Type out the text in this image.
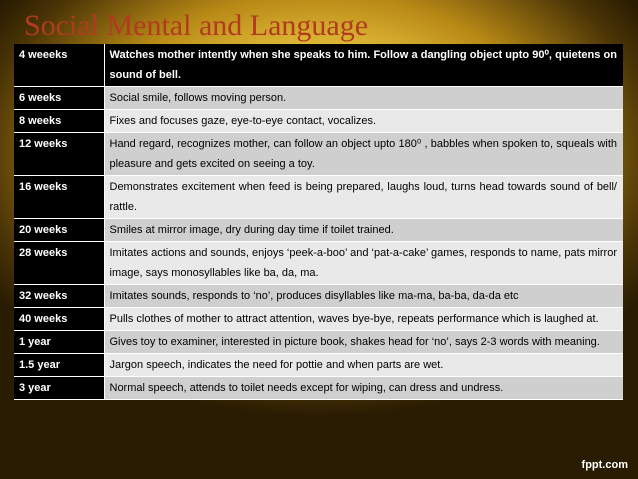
Social Mental and Language
4 weeeks	Watches mother intently when she speaks to him. Follow a dangling object upto 90⁰, quietens on sound of bell.
6 weeks	Social smile, follows moving person.
8 weeks	Fixes and focuses gaze, eye-to-eye contact, vocalizes.
12 weeks	Hand regard, recognizes mother, can follow an object upto 180⁰ , babbles when spoken to, squeals with pleasure and gets excited on seeing a toy.
16 weeks	Demonstrates excitement when feed is being prepared, laughs loud, turns head towards sound of bell/ rattle.
20 weeks	Smiles at mirror image, dry during day time if toilet trained.
28 weeks	Imitates actions and sounds, enjoys ‘peek-a-boo’ and ‘pat-a-cake’ games, responds to name, pats mirror image, says monosyllables like ba, da, ma.
32 weeks	Imitates sounds, responds to ‘no’, produces disyllables like ma-ma, ba-ba, da-da etc
40 weeks	Pulls clothes of mother to attract attention, waves bye-bye, repeats performance which is laughed at.
1 year	Gives toy to examiner, interested in picture book, shakes head for ‘no’, says 2-3 words with meaning.
1.5 year	Jargon speech, indicates the need for pottie and when parts are wet.
3 year	Normal speech, attends to toilet needs except for wiping, can dress and undress.
fppt.com
